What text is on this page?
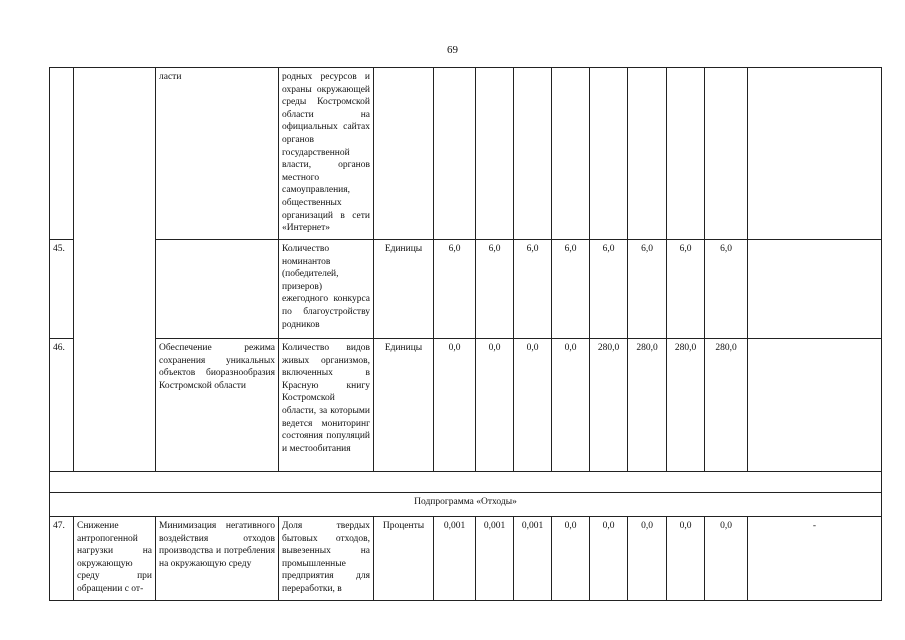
69
		ласти	родных ресурсов и охраны окружающей среды Костромской области на официальных сайтах органов государственной власти, органов местного самоуправления, общественных организаций в сети «Интернет»										
45.			Количество номинантов (победителей, призеров) ежегодного конкурса по благоустройству родников	Единицы	6,0	6,0	6,0	6,0	6,0	6,0	6,0	6,0	
46.		Обеспечение режима сохранения уникальных объектов биоразнообразия Костромской области	Количество видов живых организмов, включенных в Красную книгу Костромской области, за которыми ведется мониторинг состояния популяций и местообитания	Единицы	0,0	0,0	0,0	0,0	280,0	280,0	280,0	280,0	

Подпрограмма «Отходы»													
47.	Снижение антропогенной нагрузки на окружающую среду при обращении с от-	Минимизация негативного воздействия отходов производства и потребления на окружающую среду	Доля твердых бытовых отходов, вывезенных на промышленные предприятия для переработки, в	Проценты	0,001	0,001	0,001	0,0	0,0	0,0	0,0	0,0	-
